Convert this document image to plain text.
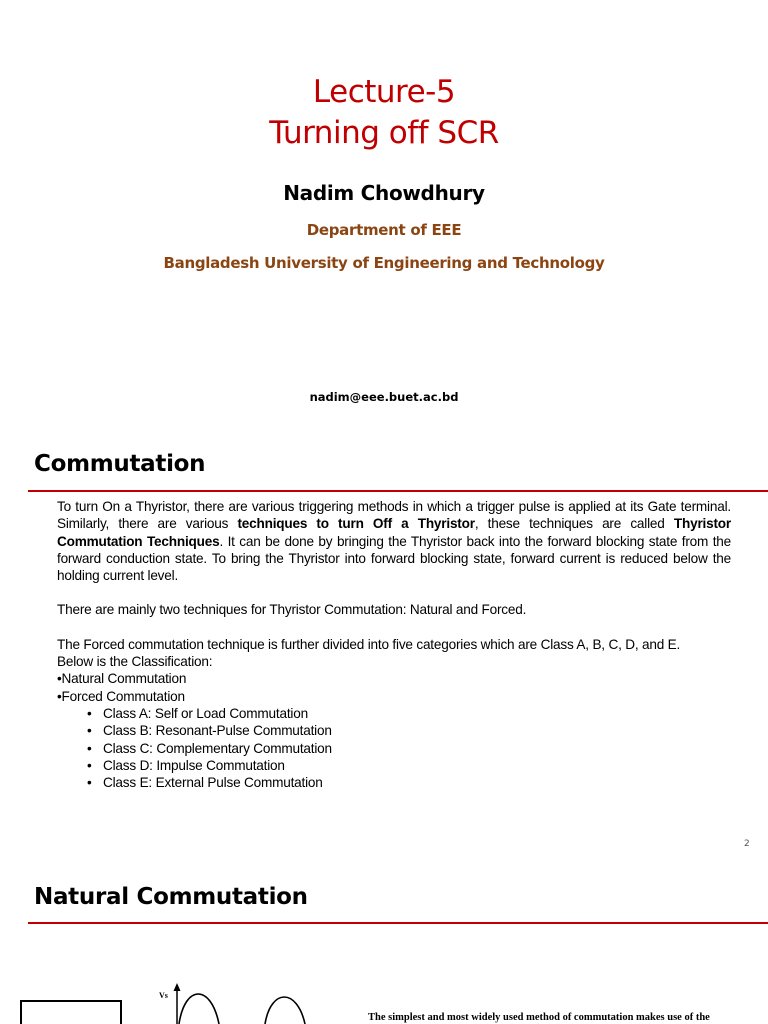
Lecture-5
Turning off SCR
Nadim Chowdhury
Department of EEE
Bangladesh University of Engineering and Technology
nadim@eee.buet.ac.bd
Commutation

To turn On a Thyristor, there are various triggering methods in which a trigger pulse is applied at its Gate terminal. Similarly, there are various techniques to turn Off a Thyristor, these techniques are called Thyristor Commutation Techniques. It can be done by bringing the Thyristor back into the forward blocking state from the forward conduction state. To bring the Thyristor into forward blocking state, forward current is reduced below the holding current level.

There are mainly two techniques for Thyristor Commutation: Natural and Forced.

The Forced commutation technique is further divided into five categories which are Class A, B, C, D, and E.

Below is the Classification:

•Natural Commutation

•Forced Commutation

• Class A: Self or Load Commutation
• Class B: Resonant-Pulse Commutation
• Class C: Complementary Commutation
• Class D: Impulse Commutation
• Class E: External Pulse Commutation
2
Natural Commutation
Vs
The simplest and most widely used method of commutation makes use of the
